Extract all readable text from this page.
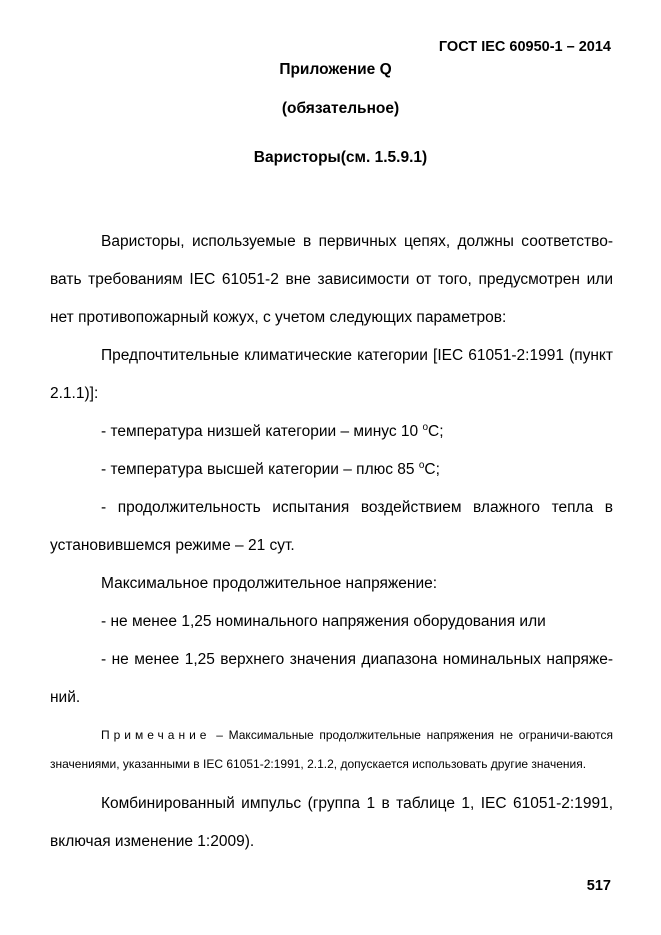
ГОСТ IEC 60950-1 – 2014
Приложение Q
(обязательное)
Варисторы(см. 1.5.9.1)

Варисторы, используемые в первичных цепях, должны соответство-вать требованиям IEC 61051-2 вне зависимости от того, предусмотрен или нет противопожарный кожух, с учетом следующих параметров:

Предпочтительные климатические категории [IEC 61051-2:1991 (пункт 2.1.1)]:

- температура низшей категории – минус 10 $^o$C;

- температура высшей категории – плюс 85 $^o$C;

- продолжительность испытания воздействием влажного тепла в установившемся режиме – 21 сут.

Максимальное продолжительное напряжение:

- не менее 1,25 номинального напряжения оборудования или

- не менее 1,25 верхнего значения диапазона номинальных напряже-ний.

Примечание – Максимальные продолжительные напряжения не ограничи-ваются значениями, указанными в IEC 61051-2:1991, 2.1.2, допускается использовать другие значения.

Комбинированный импульс (группа 1 в таблице 1, IEC 61051-2:1991, включая изменение 1:2009).

517
